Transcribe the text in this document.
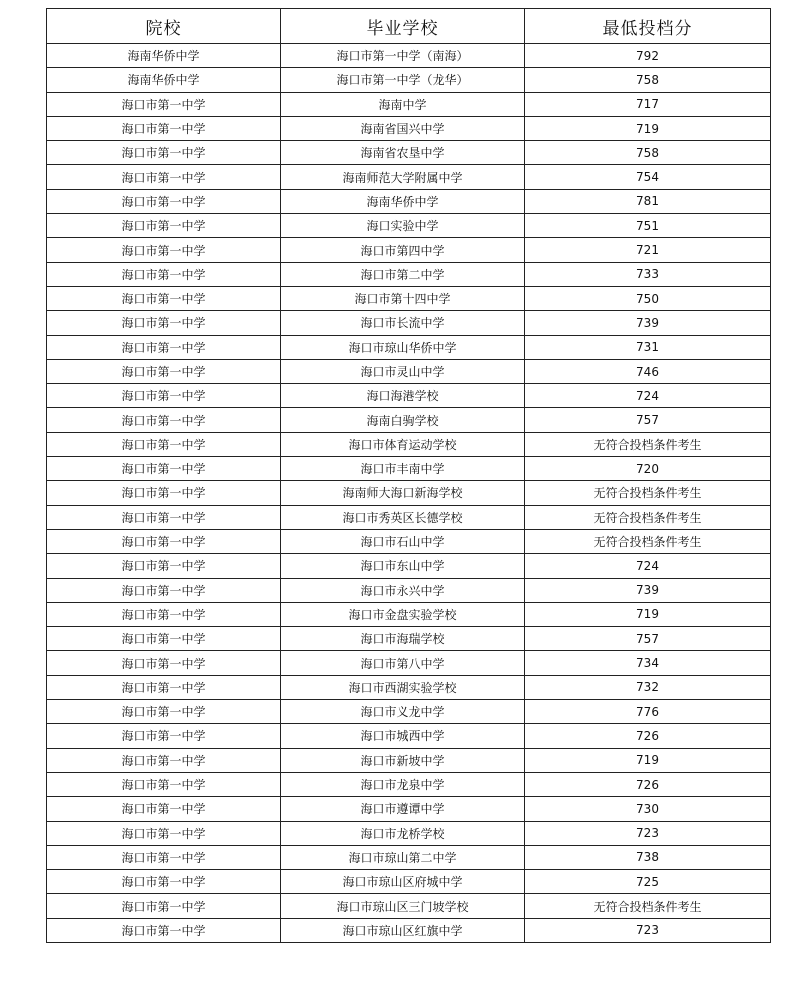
院校	毕业学校	最低投档分
海南华侨中学	海口市第一中学（南海）	792
海南华侨中学	海口市第一中学（龙华）	758
海口市第一中学	海南中学	717
海口市第一中学	海南省国兴中学	719
海口市第一中学	海南省农垦中学	758
海口市第一中学	海南师范大学附属中学	754
海口市第一中学	海南华侨中学	781
海口市第一中学	海口实验中学	751
海口市第一中学	海口市第四中学	721
海口市第一中学	海口市第二中学	733
海口市第一中学	海口市第十四中学	750
海口市第一中学	海口市长流中学	739
海口市第一中学	海口市琼山华侨中学	731
海口市第一中学	海口市灵山中学	746
海口市第一中学	海口海港学校	724
海口市第一中学	海南白驹学校	757
海口市第一中学	海口市体育运动学校	无符合投档条件考生
海口市第一中学	海口市丰南中学	720
海口市第一中学	海南师大海口新海学校	无符合投档条件考生
海口市第一中学	海口市秀英区长德学校	无符合投档条件考生
海口市第一中学	海口市石山中学	无符合投档条件考生
海口市第一中学	海口市东山中学	724
海口市第一中学	海口市永兴中学	739
海口市第一中学	海口市金盘实验学校	719
海口市第一中学	海口市海瑞学校	757
海口市第一中学	海口市第八中学	734
海口市第一中学	海口市西湖实验学校	732
海口市第一中学	海口市义龙中学	776
海口市第一中学	海口市城西中学	726
海口市第一中学	海口市新坡中学	719
海口市第一中学	海口市龙泉中学	726
海口市第一中学	海口市遵谭中学	730
海口市第一中学	海口市龙桥学校	723
海口市第一中学	海口市琼山第二中学	738
海口市第一中学	海口市琼山区府城中学	725
海口市第一中学	海口市琼山区三门坡学校	无符合投档条件考生
海口市第一中学	海口市琼山区红旗中学	723
